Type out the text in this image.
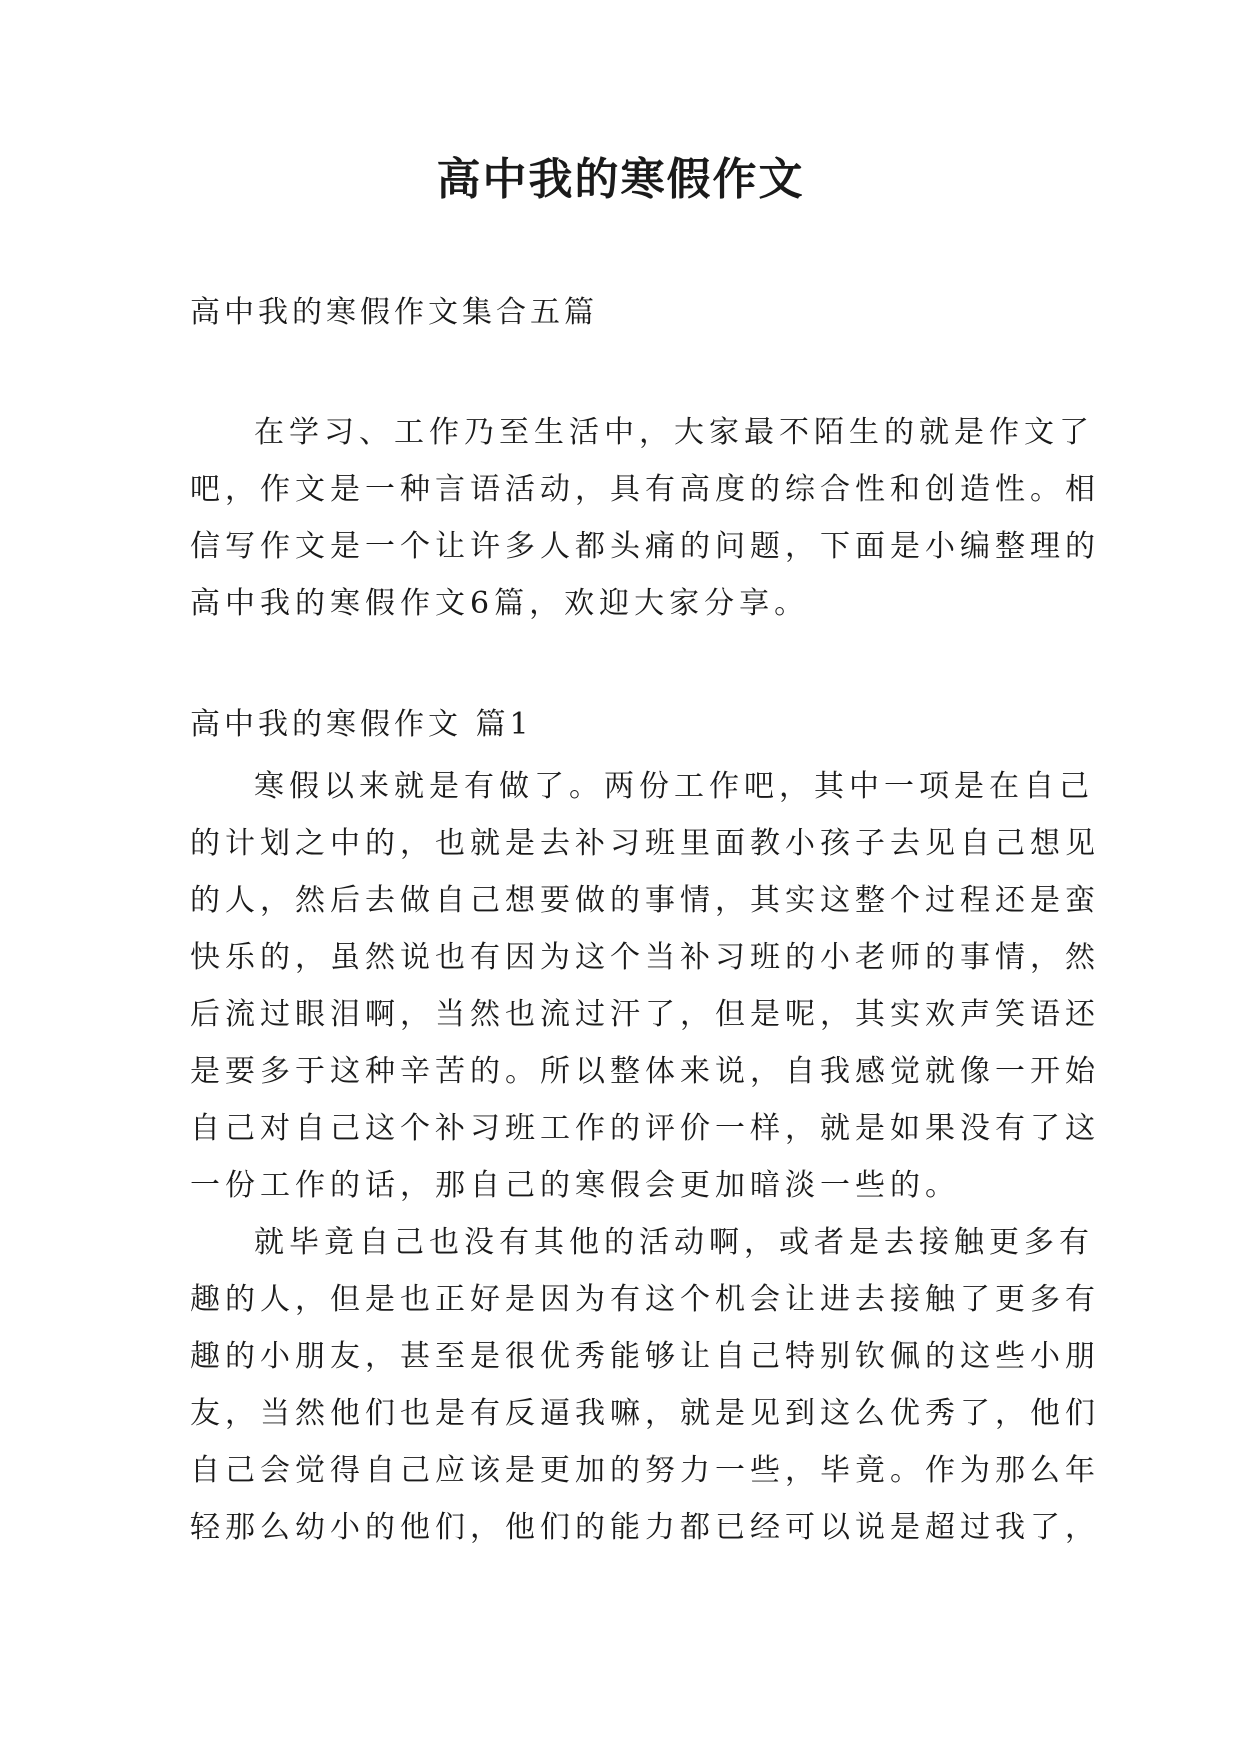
高中我的寒假作文

高中我的寒假作文集合五篇

在学习、工作乃至生活中，大家最不陌生的就是作文了
吧，作文是一种言语活动，具有高度的综合性和创造性。相
信写作文是一个让许多人都头痛的问题，下面是小编整理的
高中我的寒假作文6篇，欢迎大家分享。

高中我的寒假作文 篇1

寒假以来就是有做了。两份工作吧，其中一项是在自己
的计划之中的，也就是去补习班里面教小孩子去见自己想见
的人，然后去做自己想要做的事情，其实这整个过程还是蛮
快乐的，虽然说也有因为这个当补习班的小老师的事情，然
后流过眼泪啊，当然也流过汗了，但是呢，其实欢声笑语还
是要多于这种辛苦的。所以整体来说，自我感觉就像一开始
自己对自己这个补习班工作的评价一样，就是如果没有了这
一份工作的话，那自己的寒假会更加暗淡一些的。
就毕竟自己也没有其他的活动啊，或者是去接触更多有
趣的人，但是也正好是因为有这个机会让进去接触了更多有
趣的小朋友，甚至是很优秀能够让自己特别钦佩的这些小朋
友，当然他们也是有反逼我嘛，就是见到这么优秀了，他们
自己会觉得自己应该是更加的努力一些，毕竟。作为那么年
轻那么幼小的他们，他们的能力都已经可以说是超过我了，
